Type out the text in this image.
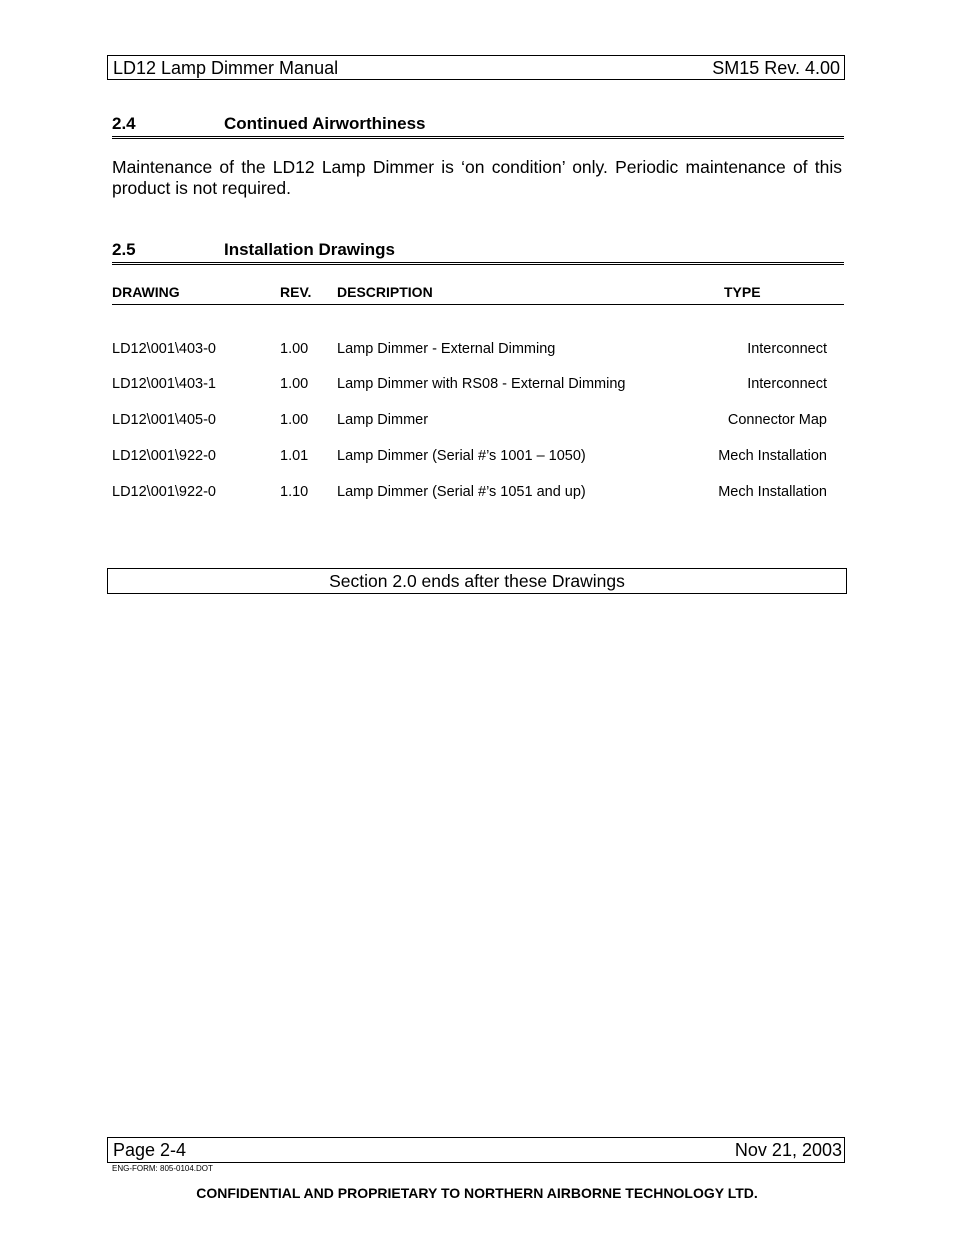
LD12 Lamp Dimmer Manual	SM15 Rev. 4.00
2.4	Continued Airworthiness
Maintenance of the LD12 Lamp Dimmer is ‘on condition’ only. Periodic maintenance of this product is not required.
2.5	Installation Drawings
DRAWING	REV. DESCRIPTION	TYPE
LD12\001\403-0	1.00 Lamp Dimmer - External Dimming	Interconnect
LD12\001\403-1	1.00 Lamp Dimmer with RS08 - External Dimming	Interconnect
LD12\001\405-0	1.00 Lamp Dimmer	Connector Map
LD12\001\922-0	1.01 Lamp Dimmer (Serial #’s 1001 – 1050)	Mech Installation
LD12\001\922-0	1.10 Lamp Dimmer (Serial #’s 1051 and up)	Mech Installation
Section 2.0 ends after these Drawings
Page 2-4	Nov 21, 2003
ENG-FORM: 805-0104.DOT
CONFIDENTIAL AND PROPRIETARY TO NORTHERN AIRBORNE TECHNOLOGY LTD.
